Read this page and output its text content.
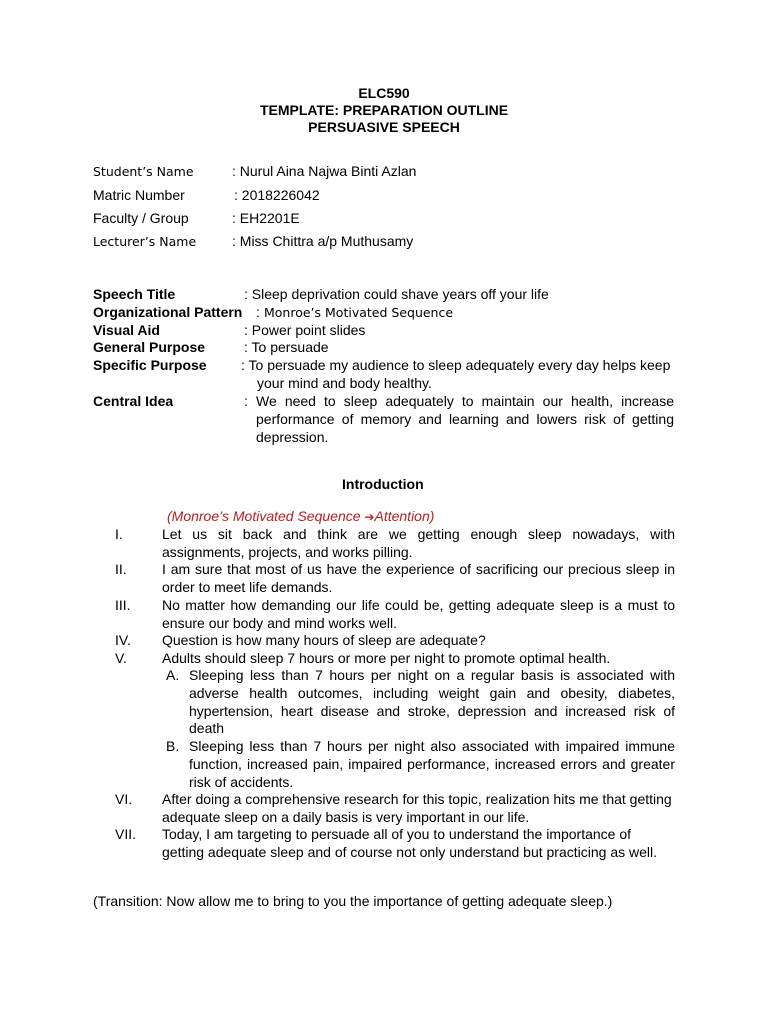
ELC590
TEMPLATE: PREPARATION OUTLINE
PERSUASIVE SPEECH
Student’s Name	: Nurul Aina Najwa Binti Azlan
Matric Number	: 2018226042
Faculty / Group	: EH2201E
Lecturer’s Name	: Miss Chittra a/p Muthusamy
Speech Title	: Sleep deprivation could shave years off your life
Organizational Pattern : Monroe’s Motivated Sequence
Visual Aid	: Power point slides
General Purpose	: To persuade
Specific Purpose : To persuade my audience to sleep adequately every day helps keep
your mind and body healthy.
Central Idea	: We need to sleep adequately to maintain our health, increase performance of memory and learning and lowers risk of getting depression.
Introduction
(Monroe’s Motivated Sequence ➔Attention)
I.	Let us sit back and think are we getting enough sleep nowadays, with assignments, projects, and works pilling.
II.	I am sure that most of us have the experience of sacrificing our precious sleep in order to meet life demands.
III. No matter how demanding our life could be, getting adequate sleep is a must to ensure our body and mind works well.
IV. Question is how many hours of sleep are adequate?
V.	Adults should sleep 7 hours or more per night to promote optimal health.
A. Sleeping less than 7 hours per night on a regular basis is associated with adverse health outcomes, including weight gain and obesity, diabetes, hypertension, heart disease and stroke, depression and increased risk of death
B. Sleeping less than 7 hours per night also associated with impaired immune function, increased pain, impaired performance, increased errors and greater risk of accidents.
VI. After doing a comprehensive research for this topic, realization hits me that getting adequate sleep on a daily basis is very important in our life.
VII. Today, I am targeting to persuade all of you to understand the importance of getting adequate sleep and of course not only understand but practicing as well.
(Transition: Now allow me to bring to you the importance of getting adequate sleep.)
